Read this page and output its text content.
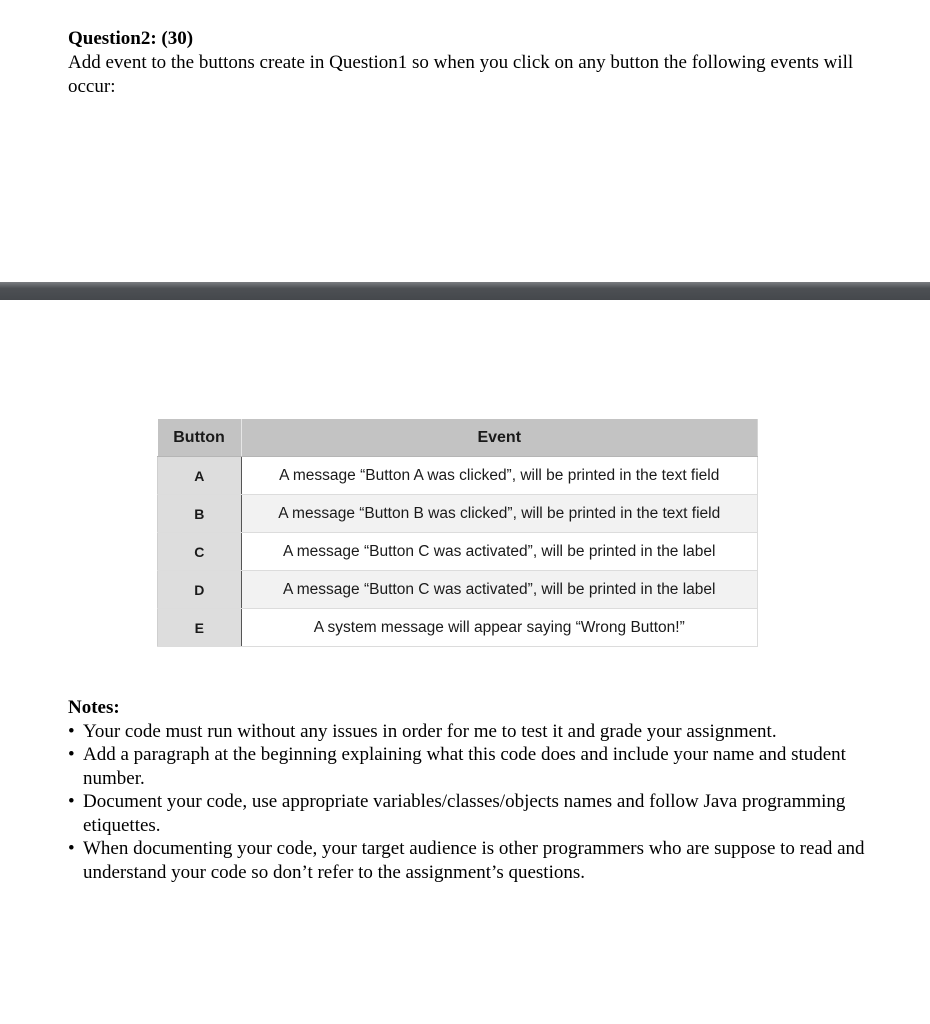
Question2: (30)

Add event to the buttons create in Question1 so when you click on any button the following events will occur:

Button	Event
A	A message “Button A was clicked”, will be printed in the text field
B	A message “Button B was clicked”, will be printed in the text field
C	A message “Button C was activated”, will be printed in the label
D	A message “Button C was activated”, will be printed in the label
E	A system message will appear saying “Wrong Button!”

Notes:

• Your code must run without any issues in order for me to test it and grade your assignment.
• Add a paragraph at the beginning explaining what this code does and include your name and student number.
• Document your code, use appropriate variables/classes/objects names and follow Java programming etiquettes.
• When documenting your code, your target audience is other programmers who are suppose to read and understand your code so don’t refer to the assignment’s questions.
